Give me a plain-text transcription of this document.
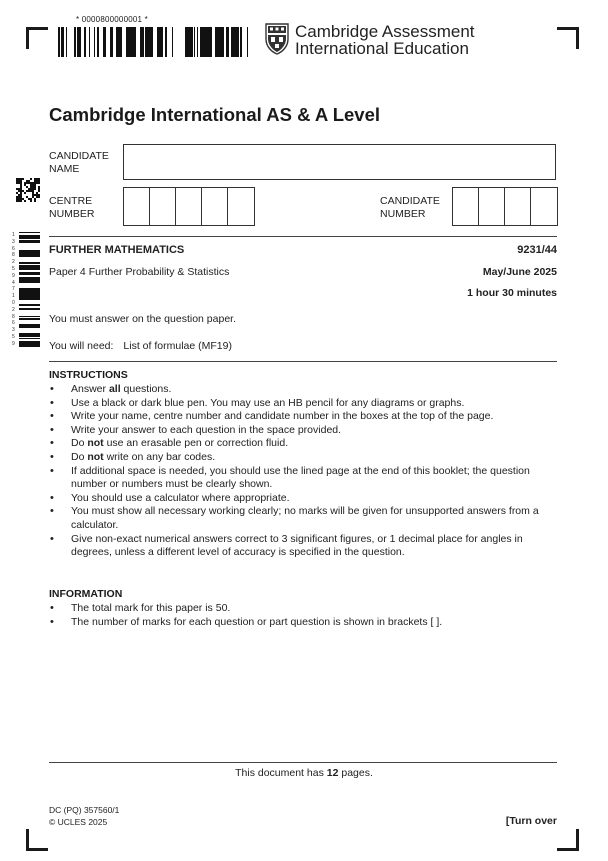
* 0000800000001 *
Cambridge Assessment
International Education
1 3 6 8 2 5 9 4 7 1 0 2 8 6 3 5 9
Cambridge International AS & A Level
CANDIDATE
NAME
CENTRE
NUMBER
CANDIDATE
NUMBER
FURTHER MATHEMATICS	9231/44
Paper 4 Further Probability & Statistics	May/June 2025
1 hour 30 minutes
You must answer on the question paper.
You will need: List of formulae (MF19)
INSTRUCTIONS
• Answer all questions.
• Use a black or dark blue pen. You may use an HB pencil for any diagrams or graphs.
• Write your name, centre number and candidate number in the boxes at the top of the page.
• Write your answer to each question in the space provided.
• Do not use an erasable pen or correction fluid.
• Do not write on any bar codes.
• If additional space is needed, you should use the lined page at the end of this booklet; the question number or numbers must be clearly shown.
• You should use a calculator where appropriate.
• You must show all necessary working clearly; no marks will be given for unsupported answers from a calculator.
• Give non-exact numerical answers correct to 3 significant figures, or 1 decimal place for angles in degrees, unless a different level of accuracy is specified in the question.
INFORMATION
• The total mark for this paper is 50.
• The number of marks for each question or part question is shown in brackets [ ].
This document has 12 pages.
DC (PQ) 357560/1
© UCLES 2025	[Turn over
